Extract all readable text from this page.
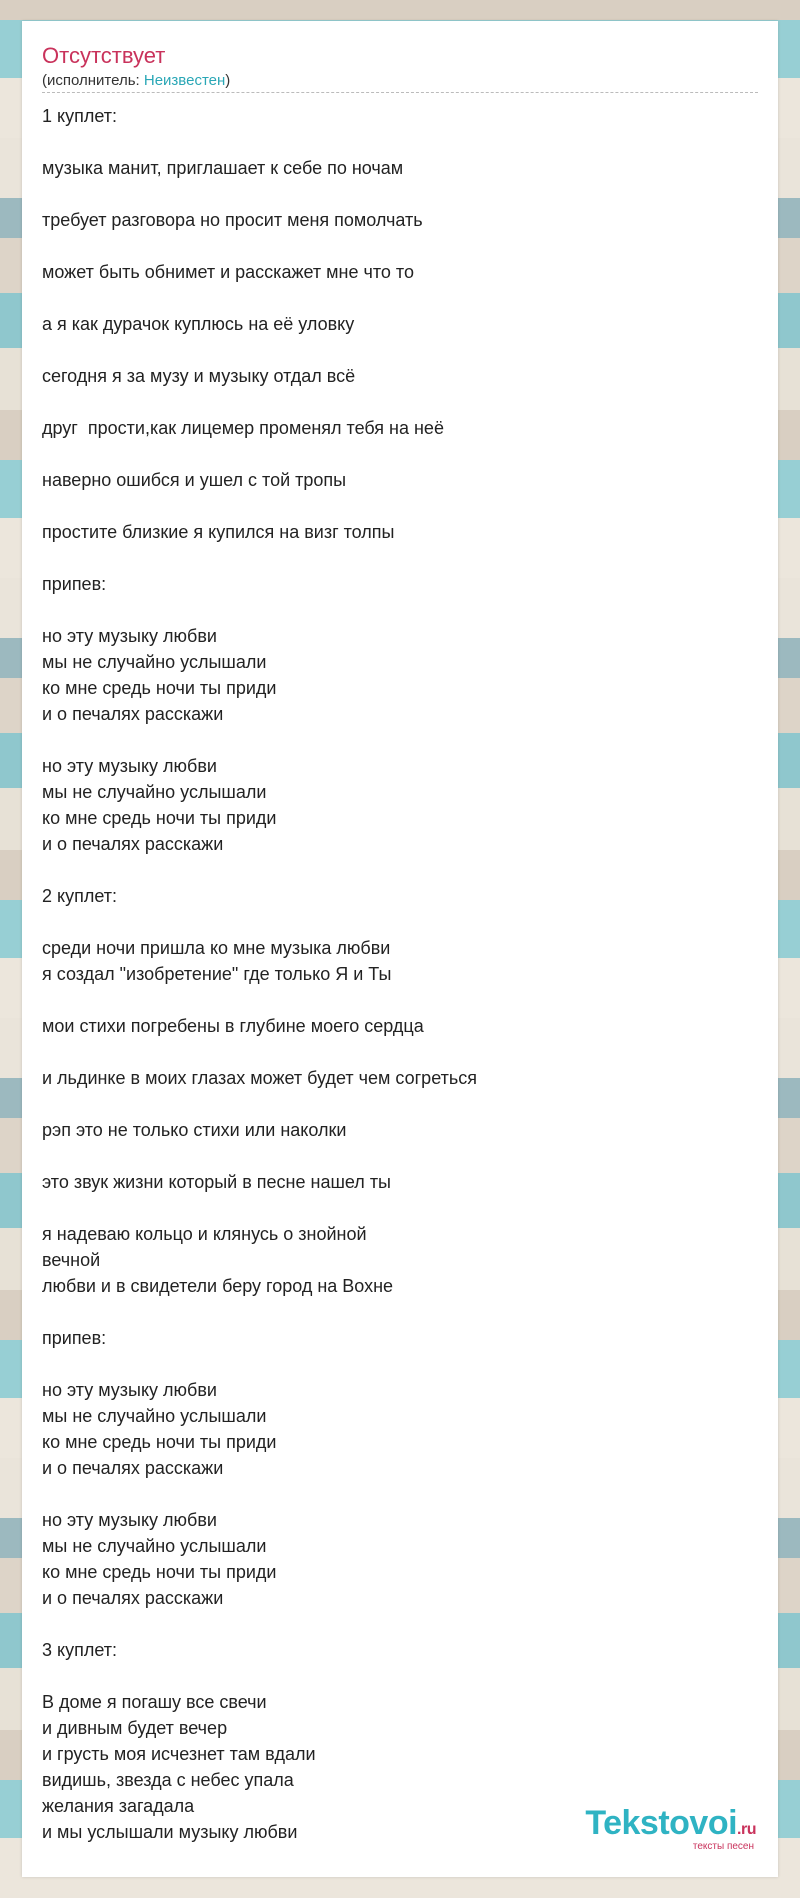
Отсутствует
(исполнитель: Неизвестен)
1 куплет:
музыка манит, приглашает к себе по ночам
требует разговора но просит меня помолчать
может быть обнимет и расскажет мне что то
а я как дурачок куплюсь на её уловку
сегодня я за музу и музыку отдал всё
друг  прости,как лицемер променял тебя на неё
наверно ошибся и ушел с той тропы
простите близкие я купился на визг толпы
припев:
но эту музыку любви
мы не случайно услышали
ко мне средь ночи ты приди
и о печалях расскажи
но эту музыку любви
мы не случайно услышали
ко мне средь ночи ты приди
и о печалях расскажи
2 куплет:
среди ночи пришла ко мне музыка любви
я создал "изобретение" где только Я и Ты
мои стихи погребены в глубине моего сердца
и льдинке в моих глазах может будет чем согреться
рэп это не только стихи или наколки
это звук жизни который в песне нашел ты
я надеваю кольцо и клянусь о знойной
вечной
любви и в свидетели беру город на Вохне
припев:
но эту музыку любви
мы не случайно услышали
ко мне средь ночи ты приди
и о печалях расскажи
но эту музыку любви
мы не случайно услышали
ко мне средь ночи ты приди
и о печалях расскажи
3 куплет:
В доме я погашу все свечи
и дивным будет вечер
и грусть моя исчезнет там вдали
видишь, звезда с небес упала
желания загадала
и мы услышали музыку любви	Tekstovoi.ru
тексты песен
